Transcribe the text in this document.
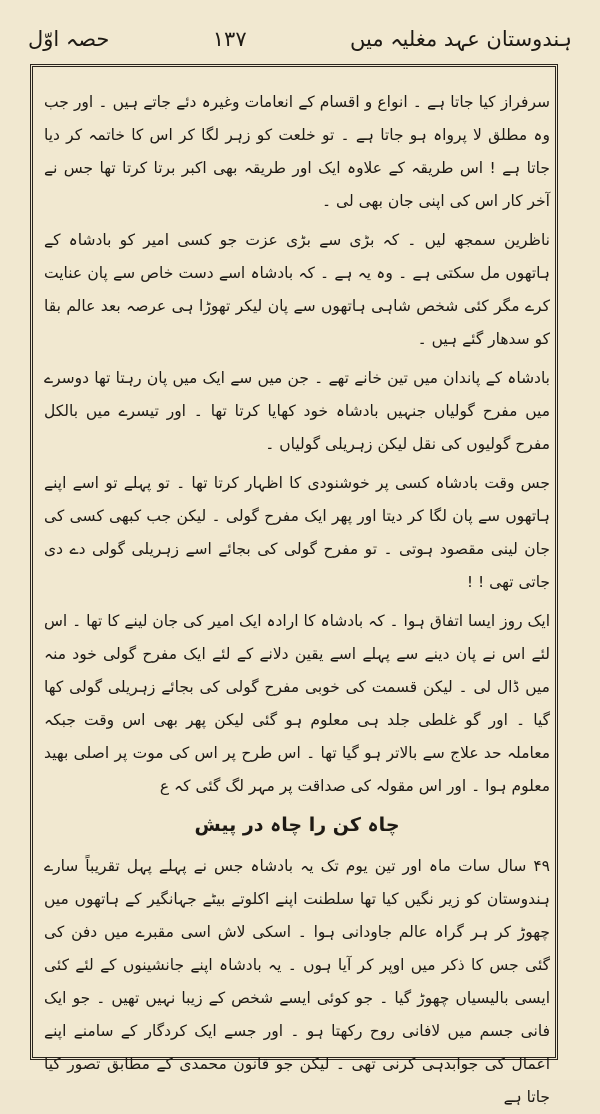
ہندوستان عہد مغلیہ میں
۱۳۷
حصہ اوّل

سرفراز کیا جاتا ہے ۔ انواع و اقسام کے انعامات وغیرہ دئے جاتے ہیں ۔ اور جب وہ مطلق لا پرواہ ہو جاتا ہے ۔ تو خلعت کو زہر لگا کر اس کا خاتمہ کر دیا جاتا ہے ! اس طریقہ کے علاوہ ایک اور طریقہ بھی اکبر برتا کرتا تھا جس نے آخر کار اس کی اپنی جان بھی لی ۔

ناظرین سمجھ لیں ۔ کہ بڑی سے بڑی عزت جو کسی امیر کو بادشاہ کے ہاتھوں مل سکتی ہے ۔ وہ یہ ہے ۔ کہ بادشاہ اسے دست خاص سے پان عنایت کرے مگر کئی شخص شاہی ہاتھوں سے پان لیکر تھوڑا ہی عرصہ بعد عالم بقا کو سدھار گئے ہیں ۔

بادشاہ کے پاندان میں تین خانے تھے ۔ جن میں سے ایک میں پان رہتا تھا دوسرے میں مفرح گولیاں جنہیں بادشاہ خود کھایا کرتا تھا ۔ اور تیسرے میں بالکل مفرح گولیوں کی نقل لیکن زہریلی گولیاں ۔

جس وقت بادشاہ کسی پر خوشنودی کا اظہار کرتا تھا ۔ تو پہلے تو اسے اپنے ہاتھوں سے پان لگا کر دیتا اور پھر ایک مفرح گولی ۔ لیکن جب کبھی کسی کی جان لینی مقصود ہوتی ۔ تو مفرح گولی کی بجائے اسے زہریلی گولی دے دی جاتی تھی ! !

ایک روز ایسا اتفاق ہوا ۔ کہ بادشاہ کا ارادہ ایک امیر کی جان لینے کا تھا ۔ اس لئے اس نے پان دینے سے پہلے اسے یقین دلانے کے لئے ایک مفرح گولی خود منہ میں ڈال لی ۔ لیکن قسمت کی خوبی مفرح گولی کی بجائے زہریلی گولی کھا گیا ۔ اور گو غلطی جلد ہی معلوم ہو گئی لیکن پھر بھی اس وقت جبکہ معاملہ حد علاج سے بالاتر ہو گیا تھا ۔ اس طرح پر اس کی موت پر اصلی بھید معلوم ہوا ۔ اور اس مقولہ کی صداقت پر مہر لگ گئی کہ ع

چاہ کن را چاہ در پیش

۴۹ سال سات ماہ اور تین یوم تک یہ بادشاہ جس نے پہلے پہل تقریباً سارے ہندوستان کو زیر نگیں کیا تھا سلطنت اپنے اکلوتے بیٹے جہانگیر کے ہاتھوں میں چھوڑ کر ہر گراہ عالم جاودانی ہوا ۔ اسکی لاش اسی مقبرے میں دفن کی گئی جس کا ذکر میں اوپر کر آیا ہوں ۔ یہ بادشاہ اپنے جانشینوں کے لئے کئی ایسی بالیسیاں چھوڑ گیا ۔ جو کوئی ایسے شخص کے زیبا نہیں تھیں ۔ جو ایک فانی جسم میں لافانی روح رکھتا ہو ۔ اور جسے ایک کردگار کے سامنے اپنے اعمال کی جوابدہی کرنی تھی ۔ لیکن جو قانون محمدی کے مطابق تصور کیا جاتا ہے
